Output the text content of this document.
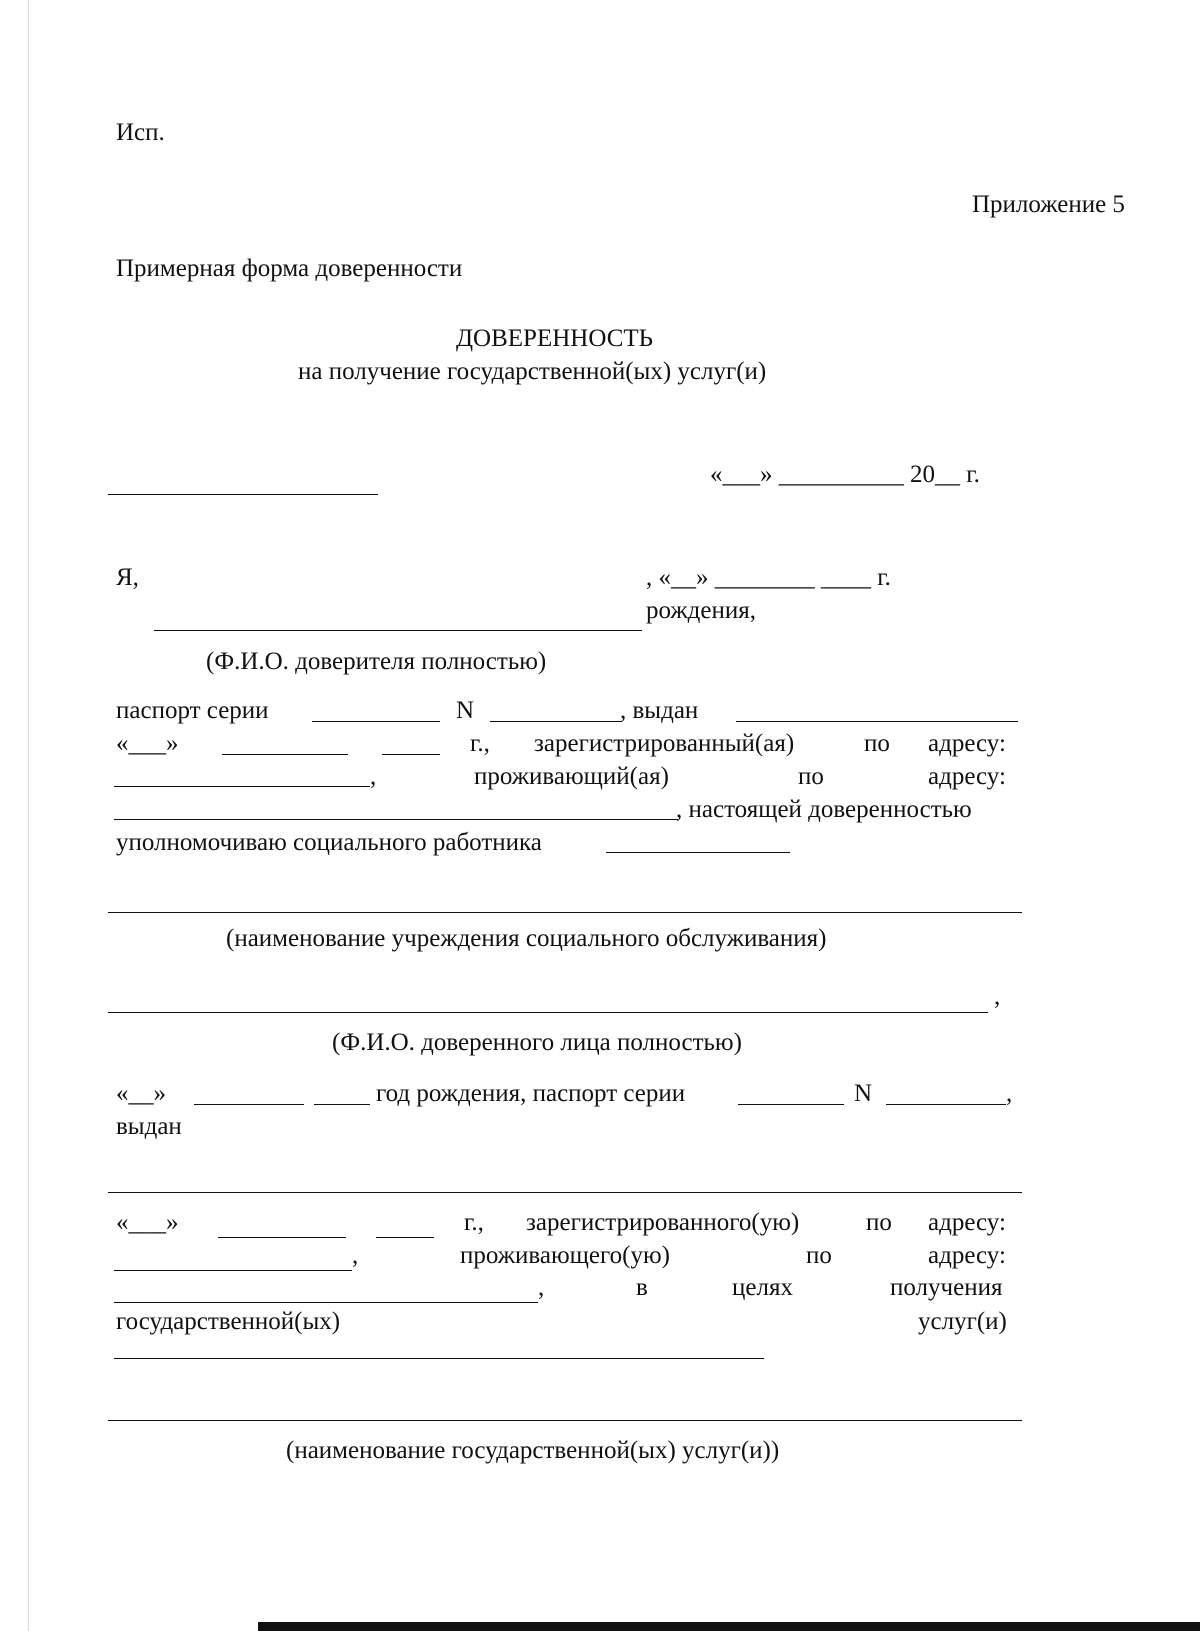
Исп.
Приложение 5
Примерная форма доверенности
ДОВЕРЕННОСТЬ
на получение государственной(ых) услуг(и)
«___» __________ 20__ г.
Я,	, «__» ________ ____ г.
рождения,
(Ф.И.О. доверителя полностью)
паспорт серии	N	, выдан
«___»	г., зарегистрированный(ая)	по адресу:
,	проживающий(ая)	по	адресу:
, настоящей доверенностью
уполномочиваю социального работника
(наименование учреждения социального обслуживания)
,
(Ф.И.О. доверенного лица полностью)
«__»	год рождения, паспорт серии	N	,
выдан
«___»	г., зарегистрированного(ую)	по адресу:
,	проживающего(ую)	по	адресу:
,	в	целях	получения
государственной(ых)	услуг(и)
(наименование государственной(ых) услуг(и))
